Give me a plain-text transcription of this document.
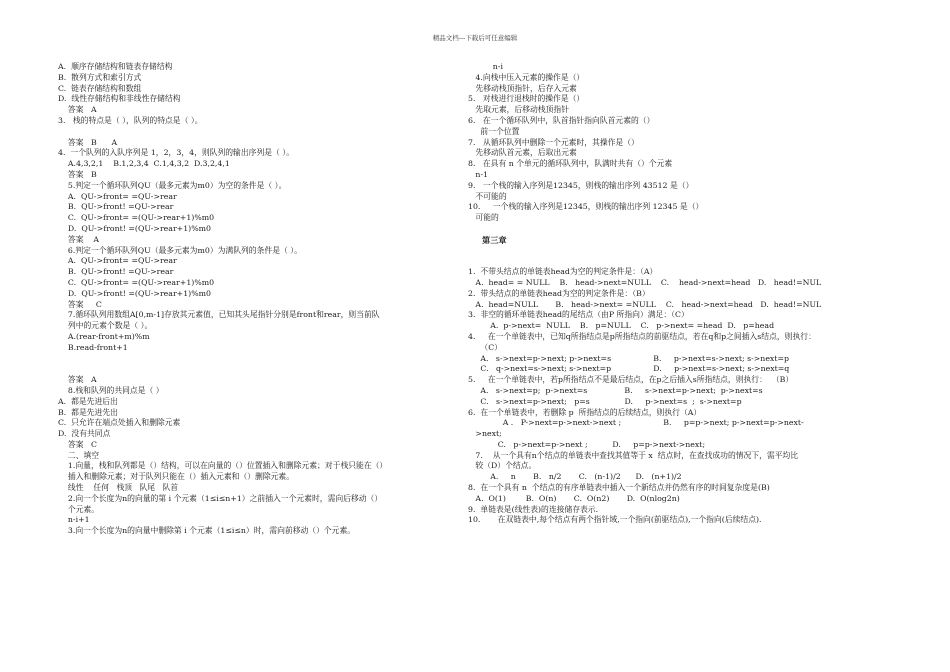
精品文档---下载后可任意编辑
A.  顺序存储结构和链表存储结构
B.  散列方式和索引方式
C.  链表存储结构和数组
D.  线性存储结构和非线性存储结构
答案   A
3.   栈的特点是（ ），队列的特点是（ ）。
答案   B      A
4.  一个队列的入队序列是 1，2，3，4，则队列的输出序列是（ ）。
A.4,3,2,1    B.1,2,3,4  C.1,4,3,2  D.3,2,4,1
答案   B
5.判定一个循环队列QU（最多元素为m0）为空的条件是（ ）。
A.  QU->front= =QU->rear
B.  QU->front! =QU->rear
C.  QU->front= =(QU->rear+1)%m0
D.  QU->front! =(QU->rear+1)%m0
答案    A
6.判定一个循环队列QU（最多元素为m0）为满队列的条件是（ ）。
A.  QU->front= =QU->rear
B.  QU->front! =QU->rear
C.  QU->front= =(QU->rear+1)%m0
D.  QU->front! =(QU->rear+1)%m0
答案     C
7.循环队列用数组A[0,m-1]存放其元素值，已知其头尾指针分别是front和rear，则当前队
列中的元素个数是（ ）。
A.(rear-front+m)%m
B.read-front+1
答案   A
8.栈和队列的共同点是（ ）
A.  都是先进后出
B.  都是先进先出
C.  只允许在端点处插入和删除元素
D.  没有共同点
答案   C
二、填空
1.向量，栈和队列都是（）结构，可以在向量的（）位置插入和删除元素；对于栈只能在（）
插入和删除元素；对于队列只能在（）插入元素和（）删除元素。
线性    任何   栈顶   队尾   队首
2.向一个长度为n的向量的第 i 个元素（1≤i≤n+1）之前插入一个元素时，需向后移动（）
个元素。
n-i+1
3.向一个长度为n的向量中删除第 i 个元素（1≤i≤n）时，需向前移动（）个元素。
n-i
4.向栈中压入元素的操作是（）
先移动栈顶指针，后存入元素
5.   对栈进行退栈时的操作是（）
先取元素，后移动栈顶指针
6.   在一个循环队列中，队首指针指向队首元素的（）
前一个位置
7.   从循环队列中删除一个元素时，其操作是（）
先移动队首元素，后取出元素
8.   在具有 n 个单元的循环队列中，队满时共有（）个元素
n-1
9.   一个栈的输入序列是12345，则栈的输出序列 43512 是（）
不可能的
10.     一个栈的输入序列是12345，则栈的输出序列 12345 是（）
可能的
第三章
1.  不带头结点的单链表head为空的判定条件是：（A）
A.  head= = NULL    B.   head->next=NULL    C.    head->next=head   D.   head!=NUL
2.  带头结点的单链表head为空的判定条件是：（B）
A.  head=NULL       B.   head->next= =NULL    C.   head->next=head   D.  head!=NUL
3.  非空的循环单链表head的尾结点（由P 所指向）满足：（C）
A.  p->next=  NULL    B.   p=NULL    C.   p->next= =head  D.   p=head
4.     在一个单链表中，已知q所指结点是p所指结点的前驱结点，若在q和p之间插入s结点，则执行：
（C）
A.   s->next=p->next; p->next=s                 B.     p->next=s->next; s->next=p
C.   q->next=s->next; s->next=p                 D.     p->next=s->next; s->next=q
5.     在一个单链表中，若p所指结点不是最后结点，在p之后插入s所指结点，则执行：  （B）
A.   s->next=p;  p->next=s               B.     s->next=p->next;  p->next=s
C.   s->next=p->next;   p=s              D.     p->next=s  ;  s->next=p
6.  在一个单链表中，若删除 p  所指结点的后续结点，则执行（A）
A .   P->next=p->next->next ;                 B.     p=p->next; p->next=p->next-
>next;
C.   p->next=p->next ;          D.     p=p->next->next;
7.    从一个具有n个结点的单链表中查找其值等于 x  结点时，在查找成功的情况下，需平均比
较（D）个结点。
A.     n       B.   n/2       C.   (n-1)/2      D.   (n+1)/2
8.  在一个具有 n  个结点的有序单链表中插入一个新结点并仍然有序的时间复杂度是(B)
A.  O(1)        B.  O(n)       C.  O(n2)       D.  O(nlog2n)
9.  单链表是(线性表)的连接储存表示.
10.       在双链表中,每个结点有两个指针域,一个指向(前驱结点),一个指向(后续结点).
